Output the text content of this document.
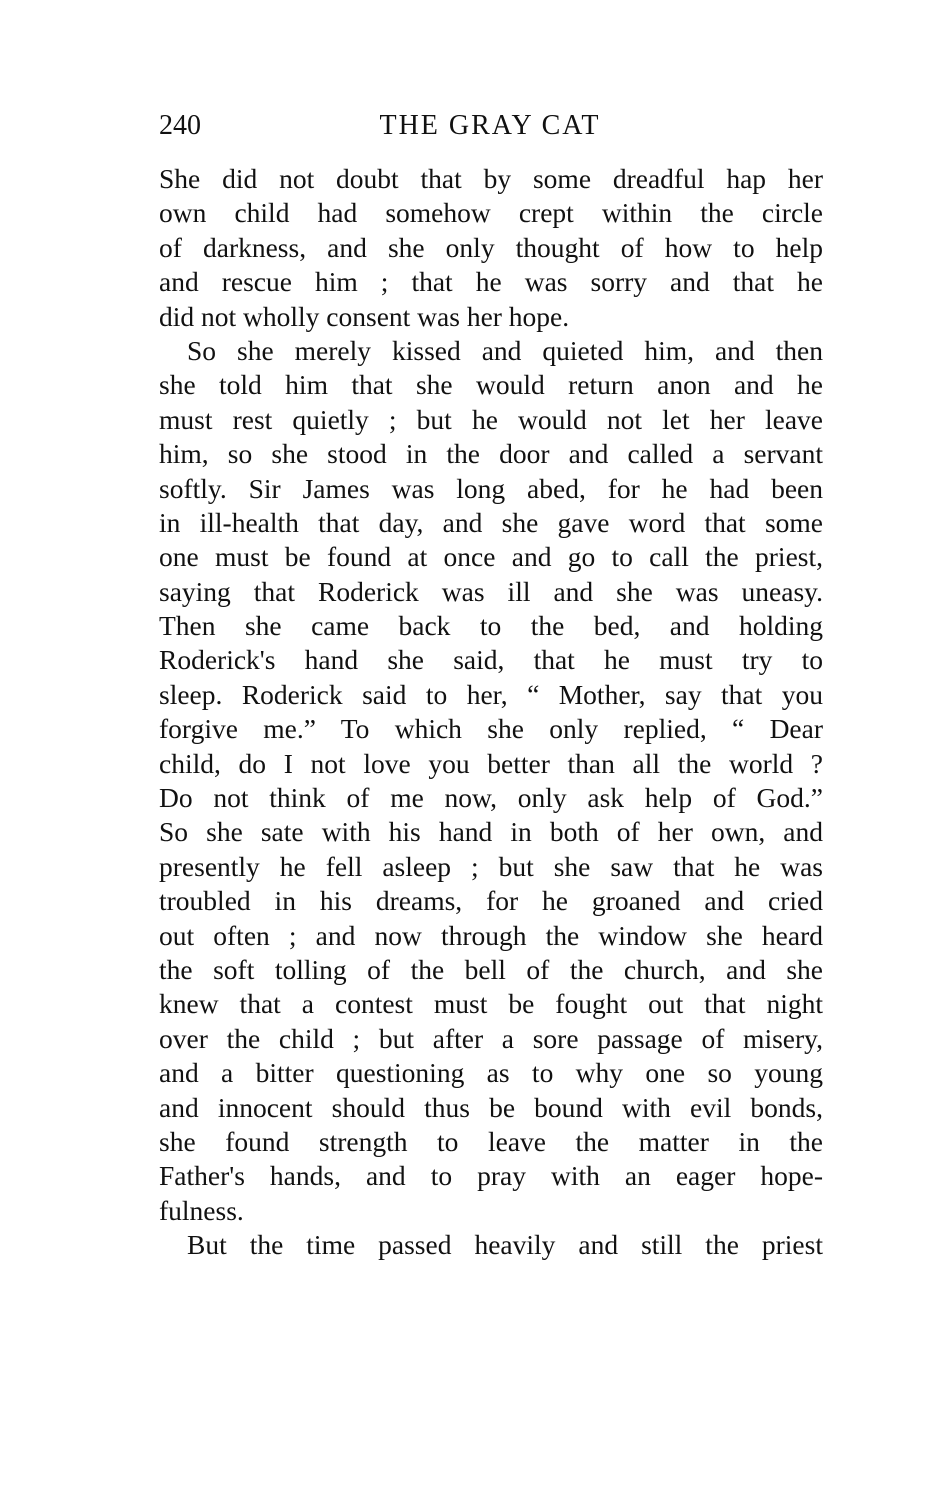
240	THE GRAY CAT
She did not doubt that by some dreadful hap her
own child had somehow crept within the circle
of darkness, and she only thought of how to help
and rescue him ; that he was sorry and that he
did not wholly consent was her hope.
So she merely kissed and quieted him, and then
she told him that she would return anon and he
must rest quietly ; but he would not let her leave
him, so she stood in the door and called a servant
softly. Sir James was long abed, for he had been
in ill-health that day, and she gave word that some
one must be found at once and go to call the priest,
saying that Roderick was ill and she was uneasy.
Then she came back to the bed, and holding
Roderick's hand she said, that he must try to
sleep. Roderick said to her, “ Mother, say that you
forgive me.” To which she only replied, “ Dear
child, do I not love you better than all the world ?
Do not think of me now, only ask help of God.”
So she sate with his hand in both of her own, and
presently he fell asleep ; but she saw that he was
troubled in his dreams, for he groaned and cried
out often ; and now through the window she heard
the soft tolling of the bell of the church, and she
knew that a contest must be fought out that night
over the child ; but after a sore passage of misery,
and a bitter questioning as to why one so young
and innocent should thus be bound with evil bonds,
she found strength to leave the matter in the
Father's hands, and to pray with an eager hope-
fulness.
But the time passed heavily and still the priest
